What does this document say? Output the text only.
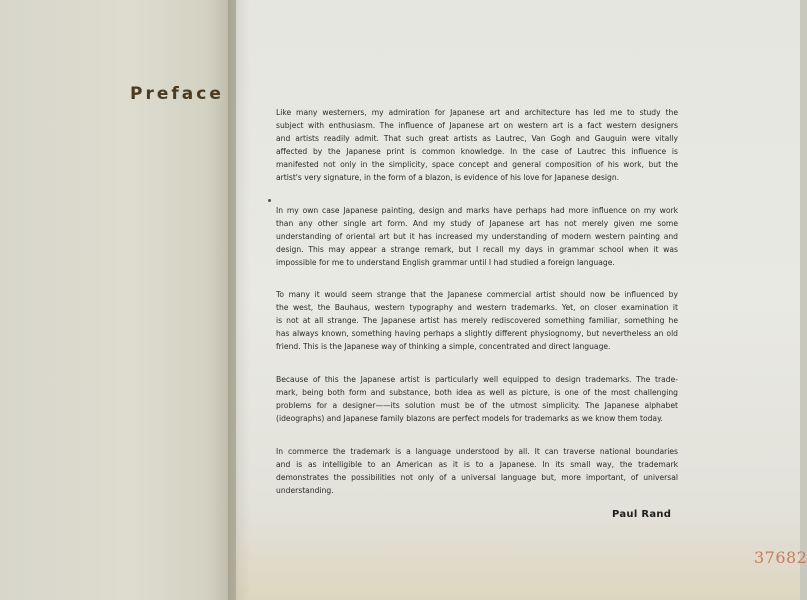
Preface

Like many westerners, my admiration for Japanese art and architecture has led me to study the
subject with enthusiasm. The influence of Japanese art on western art is a fact western designers
and artists readily admit. That such great artists as Lautrec, Van Gogh and Gauguin were vitally
affected by the Japanese print is common knowledge. In the case of Lautrec this influence is
manifested not only in the simplicity, space concept and general composition of his work, but the
artist's very signature, in the form of a blazon, is evidence of his love for Japanese design.

In my own case Japanese painting, design and marks have perhaps had more influence on my work
than any other single art form. And my study of Japanese art has not merely given me some
understanding of oriental art but it has increased my understanding of modern western painting and
design. This may appear a strange remark, but I recall my days in grammar school when it was
impossible for me to understand English grammar until I had studied a foreign language.

To many it would seem strange that the Japanese commercial artist should now be influenced by
the west, the Bauhaus, western typography and western trademarks. Yet, on closer examination it
is not at all strange. The Japanese artist has merely rediscovered something familiar, something he
has always known, something having perhaps a slightly different physiognomy, but nevertheless an old
friend. This is the Japanese way of thinking a simple, concentrated and direct language.

Because of this the Japanese artist is particularly well equipped to design trademarks. The trade-
mark, being both form and substance, both idea as well as picture, is one of the most challenging
problems for a designer——its solution must be of the utmost simplicity. The Japanese alphabet
(ideographs) and Japanese family blazons are perfect models for trademarks as we know them today.

In commerce the trademark is a language understood by all. It can traverse national boundaries
and is as intelligible to an American as it is to a Japanese. In its small way, the trademark
demonstrates the possibilities not only of a universal language but, more important, of universal
understanding.

Paul Rand
37682
